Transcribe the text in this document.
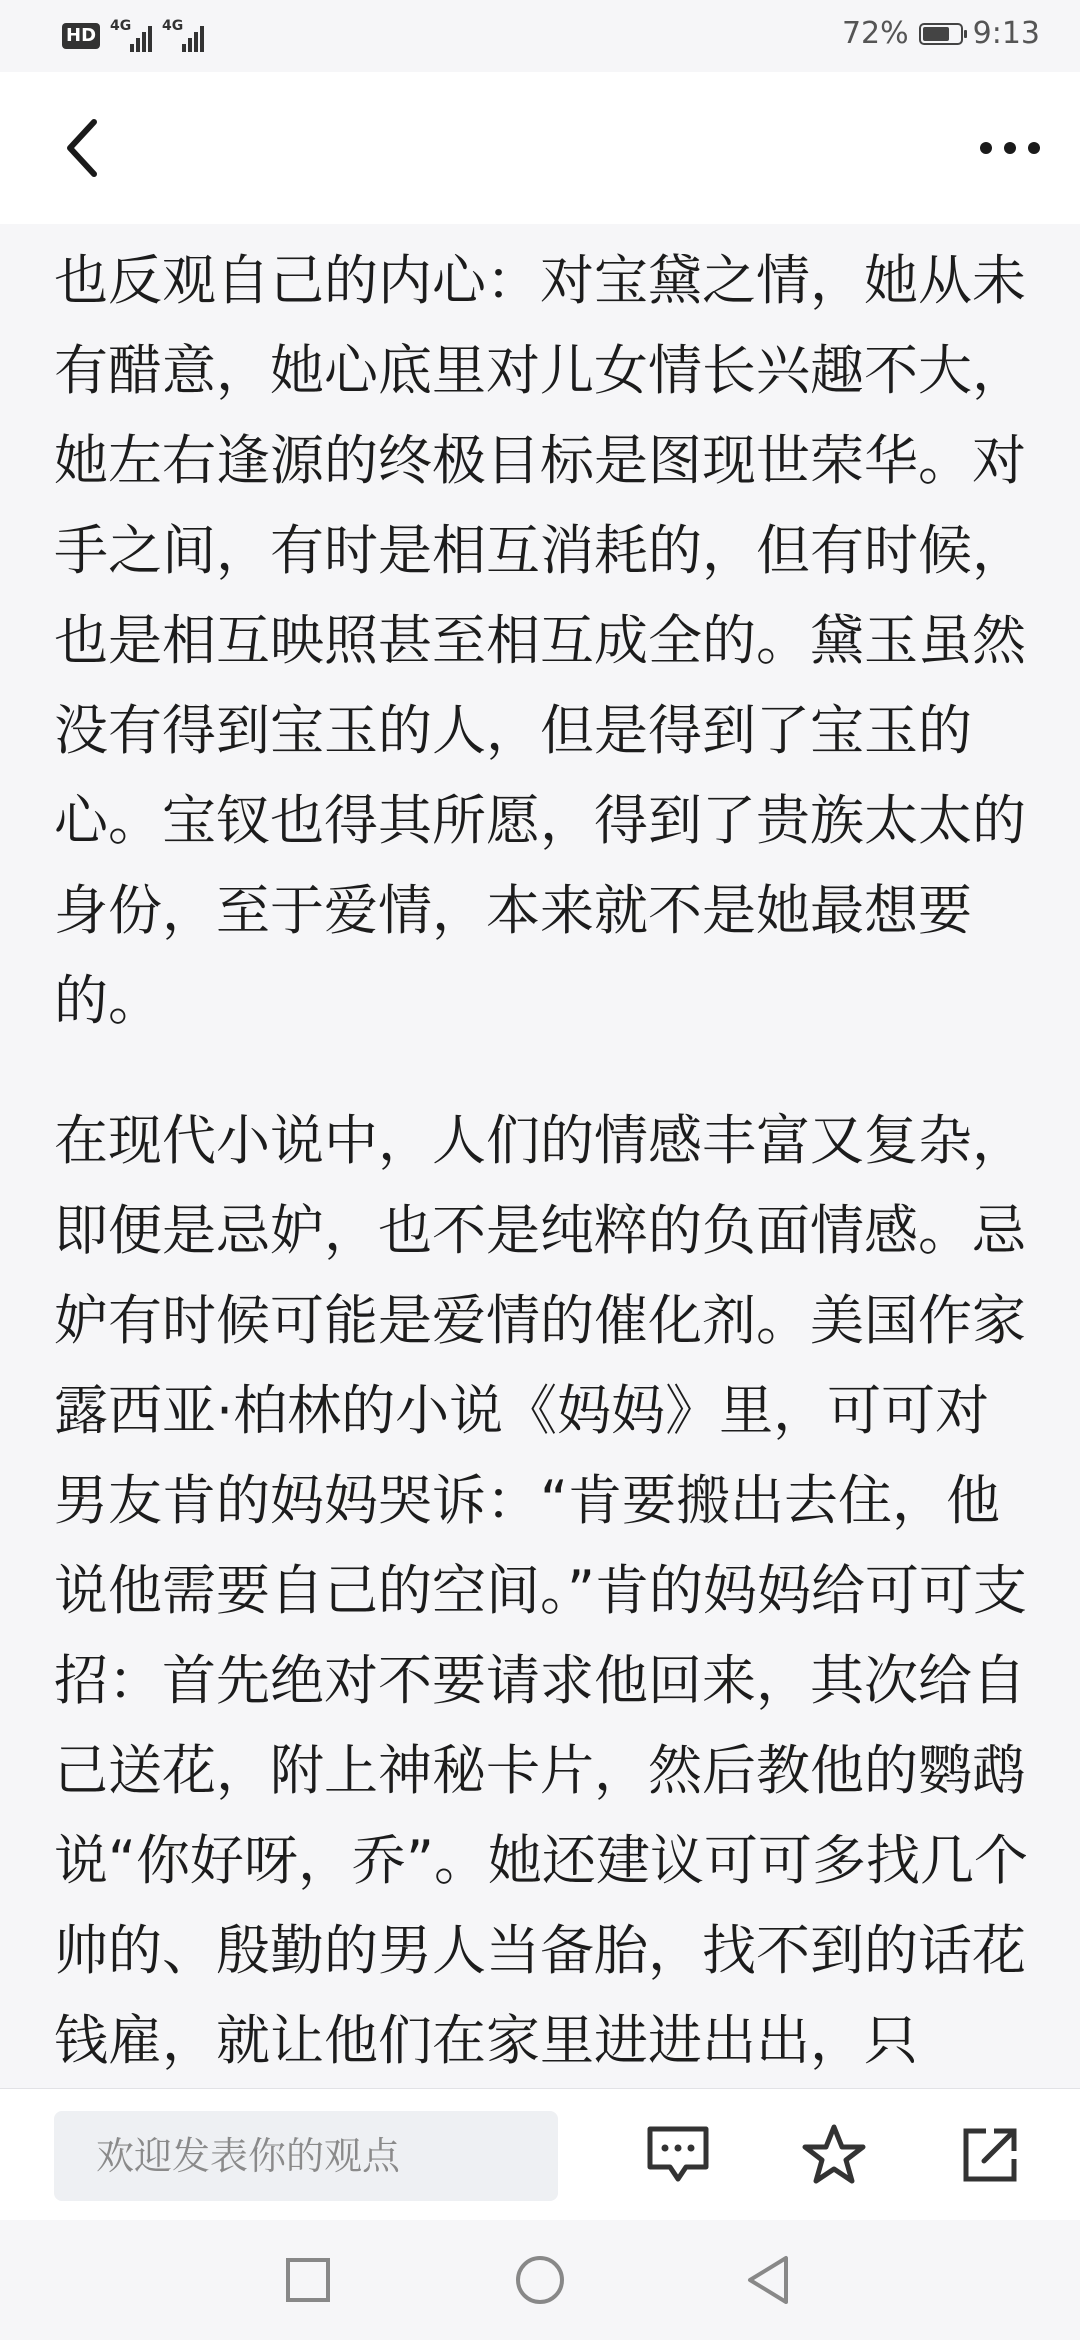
HD 4G 4G	72% 9:13

也反观自己的内心：对宝黛之情，她从未有醋意，她心底里对儿女情长兴趣不大，她左右逢源的终极目标是图现世荣华。对手之间，有时是相互消耗的，但有时候，也是相互映照甚至相互成全的。黛玉虽然没有得到宝玉的人，但是得到了宝玉的心。宝钗也得其所愿，得到了贵族太太的身份，至于爱情，本来就不是她最想要的。

在现代小说中，人们的情感丰富又复杂，即便是忌妒，也不是纯粹的负面情感。忌妒有时候可能是爱情的催化剂。美国作家露西亚·柏林的小说《妈妈》里，可可对男友肯的妈妈哭诉：“肯要搬出去住，他说他需要自己的空间。”肯的妈妈给可可支招：首先绝对不要请求他回来，其次给自己送花，附上神秘卡片，然后教他的鹦鹉说“你好呀，乔”。她还建议可可多找几个帅的、殷勤的男人当备胎，找不到的话花钱雇，就让他们在家里进进出出，只

欢迎发表你的观点
